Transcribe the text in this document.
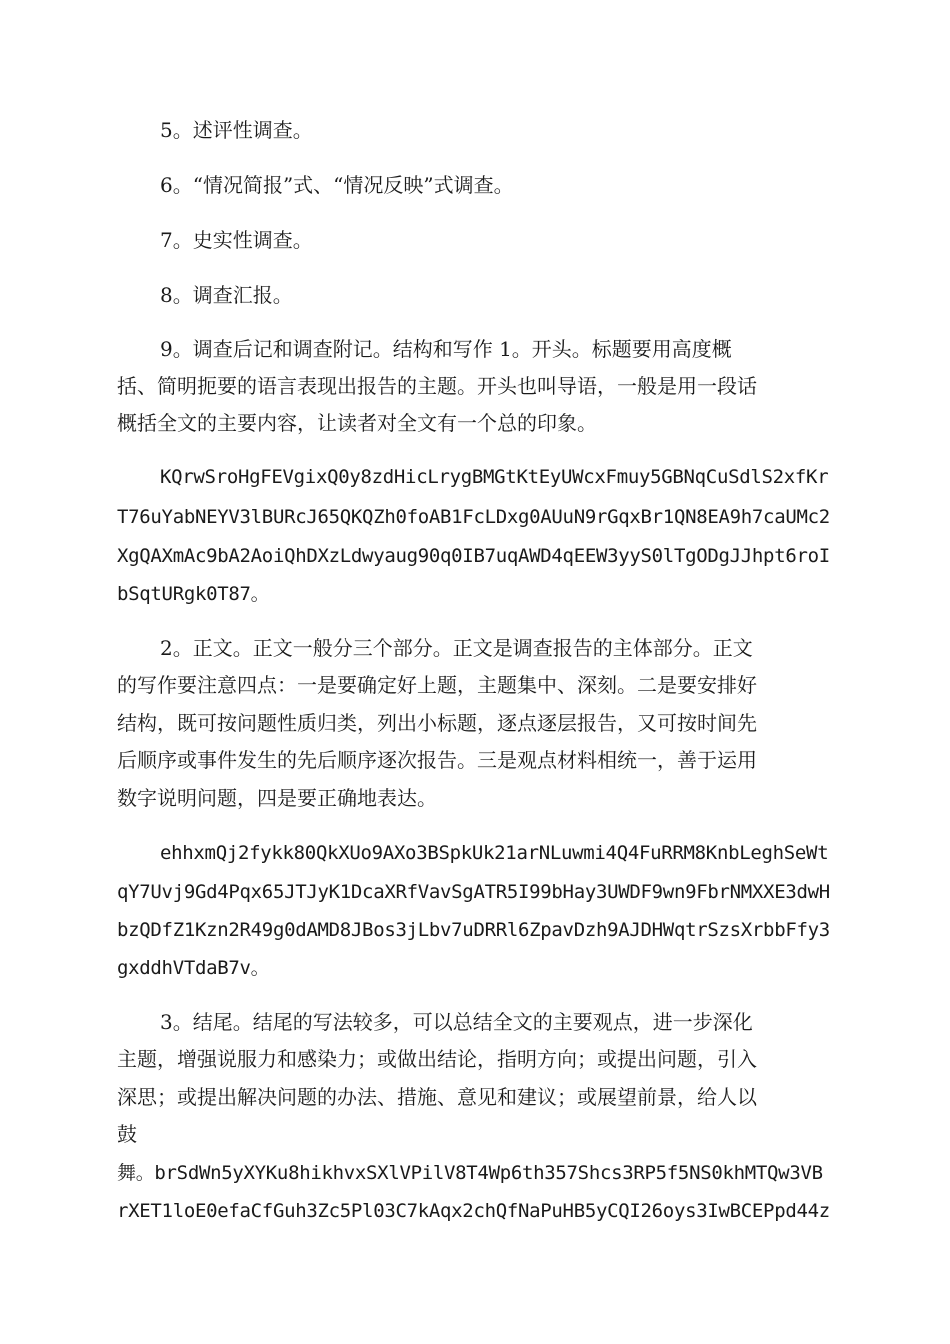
5。述评性调查。
6。“情况简报”式、“情况反映”式调查。
7。史实性调查。
8。调查汇报。
9。调查后记和调查附记。结构和写作 1。开头。标题要用高度概
括、简明扼要的语言表现出报告的主题。开头也叫导语，一般是用一段话
概括全文的主要内容，让读者对全文有一个总的印象。
KQrwSroHgFEVgixQ0y8zdHicLrygBMGtKtEyUWcxFmuy5GBNqCuSdlS2xfKr
T76uYabNEYV3lBURcJ65QKQZh0foAB1FcLDxg0AUuN9rGqxBr1QN8EA9h7caUMc2
XgQAXmAc9bA2AoiQhDXzLdwyaug90q0IB7uqAWD4qEEW3yyS0lTgODgJJhpt6roI
bSqtURgk0T87。
2。正文。正文一般分三个部分。正文是调查报告的主体部分。正文
的写作要注意四点：一是要确定好上题，主题集中、深刻。二是要安排好
结构，既可按问题性质归类，列出小标题，逐点逐层报告，又可按时间先
后顺序或事件发生的先后顺序逐次报告。三是观点材料相统一，善于运用
数字说明问题，四是要正确地表达。
ehhxmQj2fykk80QkXUo9AXo3BSpkUk21arNLuwmi4Q4FuRRM8KnbLeghSeWt
qY7Uvj9Gd4Pqx65JTJyK1DcaXRfVavSgATR5I99bHay3UWDF9wn9FbrNMXXE3dwH
bzQDfZ1Kzn2R49g0dAMD8JBos3jLbv7uDRRl6ZpavDzh9AJDHWqtrSzsXrbbFfy3
gxddhVTdaB7v。
3。结尾。结尾的写法较多，可以总结全文的主要观点，进一步深化
主题，增强说服力和感染力；或做出结论，指明方向；或提出问题，引入
深思；或提出解决问题的办法、措施、意见和建议；或展望前景，给人以
鼓
舞。brSdWn5yXYKu8hikhvxSXlVPilV8T4Wp6th357Shcs3RP5f5NS0khMTQw3VB
rXET1loE0efaCfGuh3Zc5Pl03C7kAqx2chQfNaPuHB5yCQI26oys3IwBCEPpd44z
